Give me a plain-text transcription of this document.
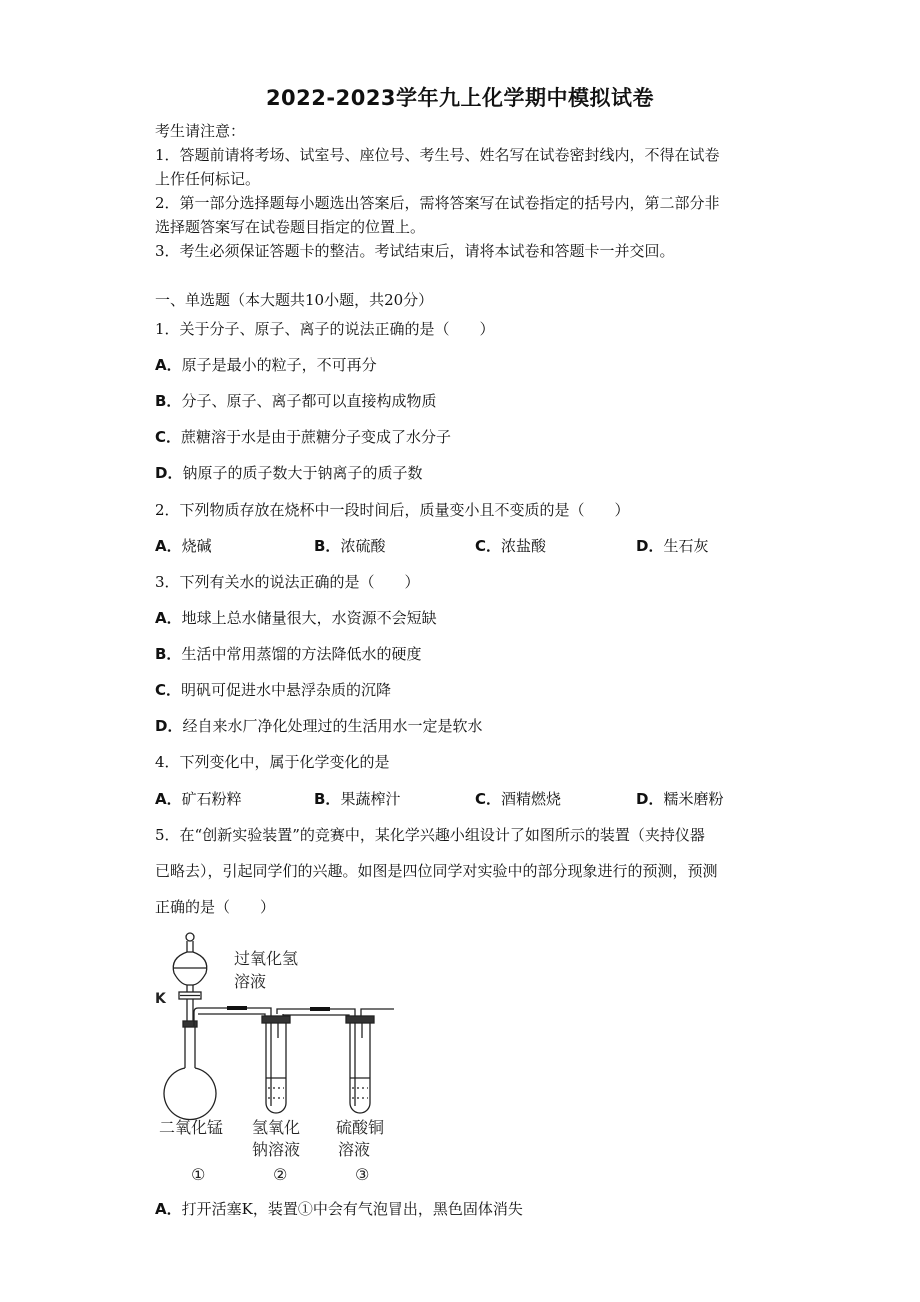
2022-2023学年九上化学期中模拟试卷
考生请注意：
1．答题前请将考场、试室号、座位号、考生号、姓名写在试卷密封线内，不得在试卷
上作任何标记。
2．第一部分选择题每小题选出答案后，需将答案写在试卷指定的括号内，第二部分非
选择题答案写在试卷题目指定的位置上。
3．考生必须保证答题卡的整洁。考试结束后，请将本试卷和答题卡一并交回。
一、单选题（本大题共10小题，共20分）
1．关于分子、原子、离子的说法正确的是（　　）
A．原子是最小的粒子，不可再分
B．分子、原子、离子都可以直接构成物质
C．蔗糖溶于水是由于蔗糖分子变成了水分子
D．钠原子的质子数大于钠离子的质子数
2．下列物质存放在烧杯中一段时间后，质量变小且不变质的是（　　）
A．烧碱	B．浓硫酸	C．浓盐酸	D．生石灰
3．下列有关水的说法正确的是（　　）
A．地球上总水储量很大，水资源不会短缺
B．生活中常用蒸馏的方法降低水的硬度
C．明矾可促进水中悬浮杂质的沉降
D．经自来水厂净化处理过的生活用水一定是软水
4．下列变化中，属于化学变化的是
A．矿石粉粹	B．果蔬榨汁	C．酒精燃烧	D．糯米磨粉
5．在“创新实验装置”的竞赛中，某化学兴趣小组设计了如图所示的装置（夹持仪器
已略去），引起同学们的兴趣。如图是四位同学对实验中的部分现象进行的预测，预测
正确的是（　　）
过氧化氢
溶液
K
二氧化锰 氢氧化
钠溶液
硫酸铜
溶液
①	②	③
A．打开活塞K，装置①中会有气泡冒出，黑色固体消失
